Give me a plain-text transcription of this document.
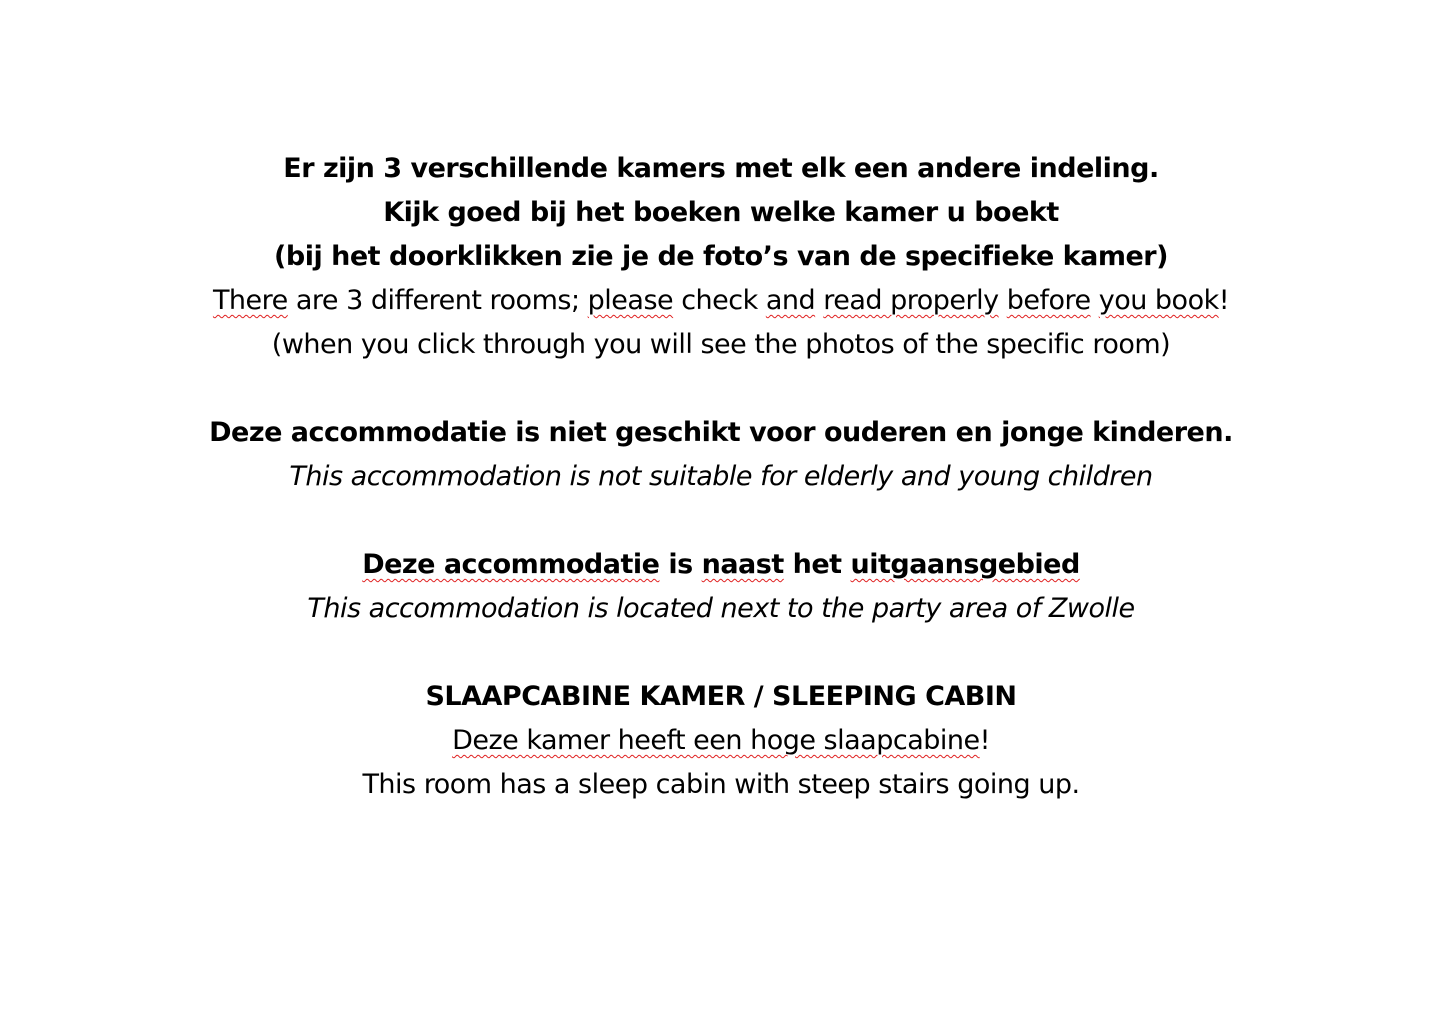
Er zijn 3 verschillende kamers met elk een andere indeling.
Kijk goed bij het boeken welke kamer u boekt
(bij het doorklikken zie je de foto’s van de specifieke kamer)
There are 3 different rooms; please check and read properly before you book!
(when you click through you will see the photos of the specific room)
Deze accommodatie is niet geschikt voor ouderen en jonge kinderen.
This accommodation is not suitable for elderly and young children
Deze accommodatie is naast het uitgaansgebied
This accommodation is located next to the party area of Zwolle
SLAAPCABINE KAMER / SLEEPING CABIN
Deze kamer heeft een hoge slaapcabine!
This room has a sleep cabin with steep stairs going up.
